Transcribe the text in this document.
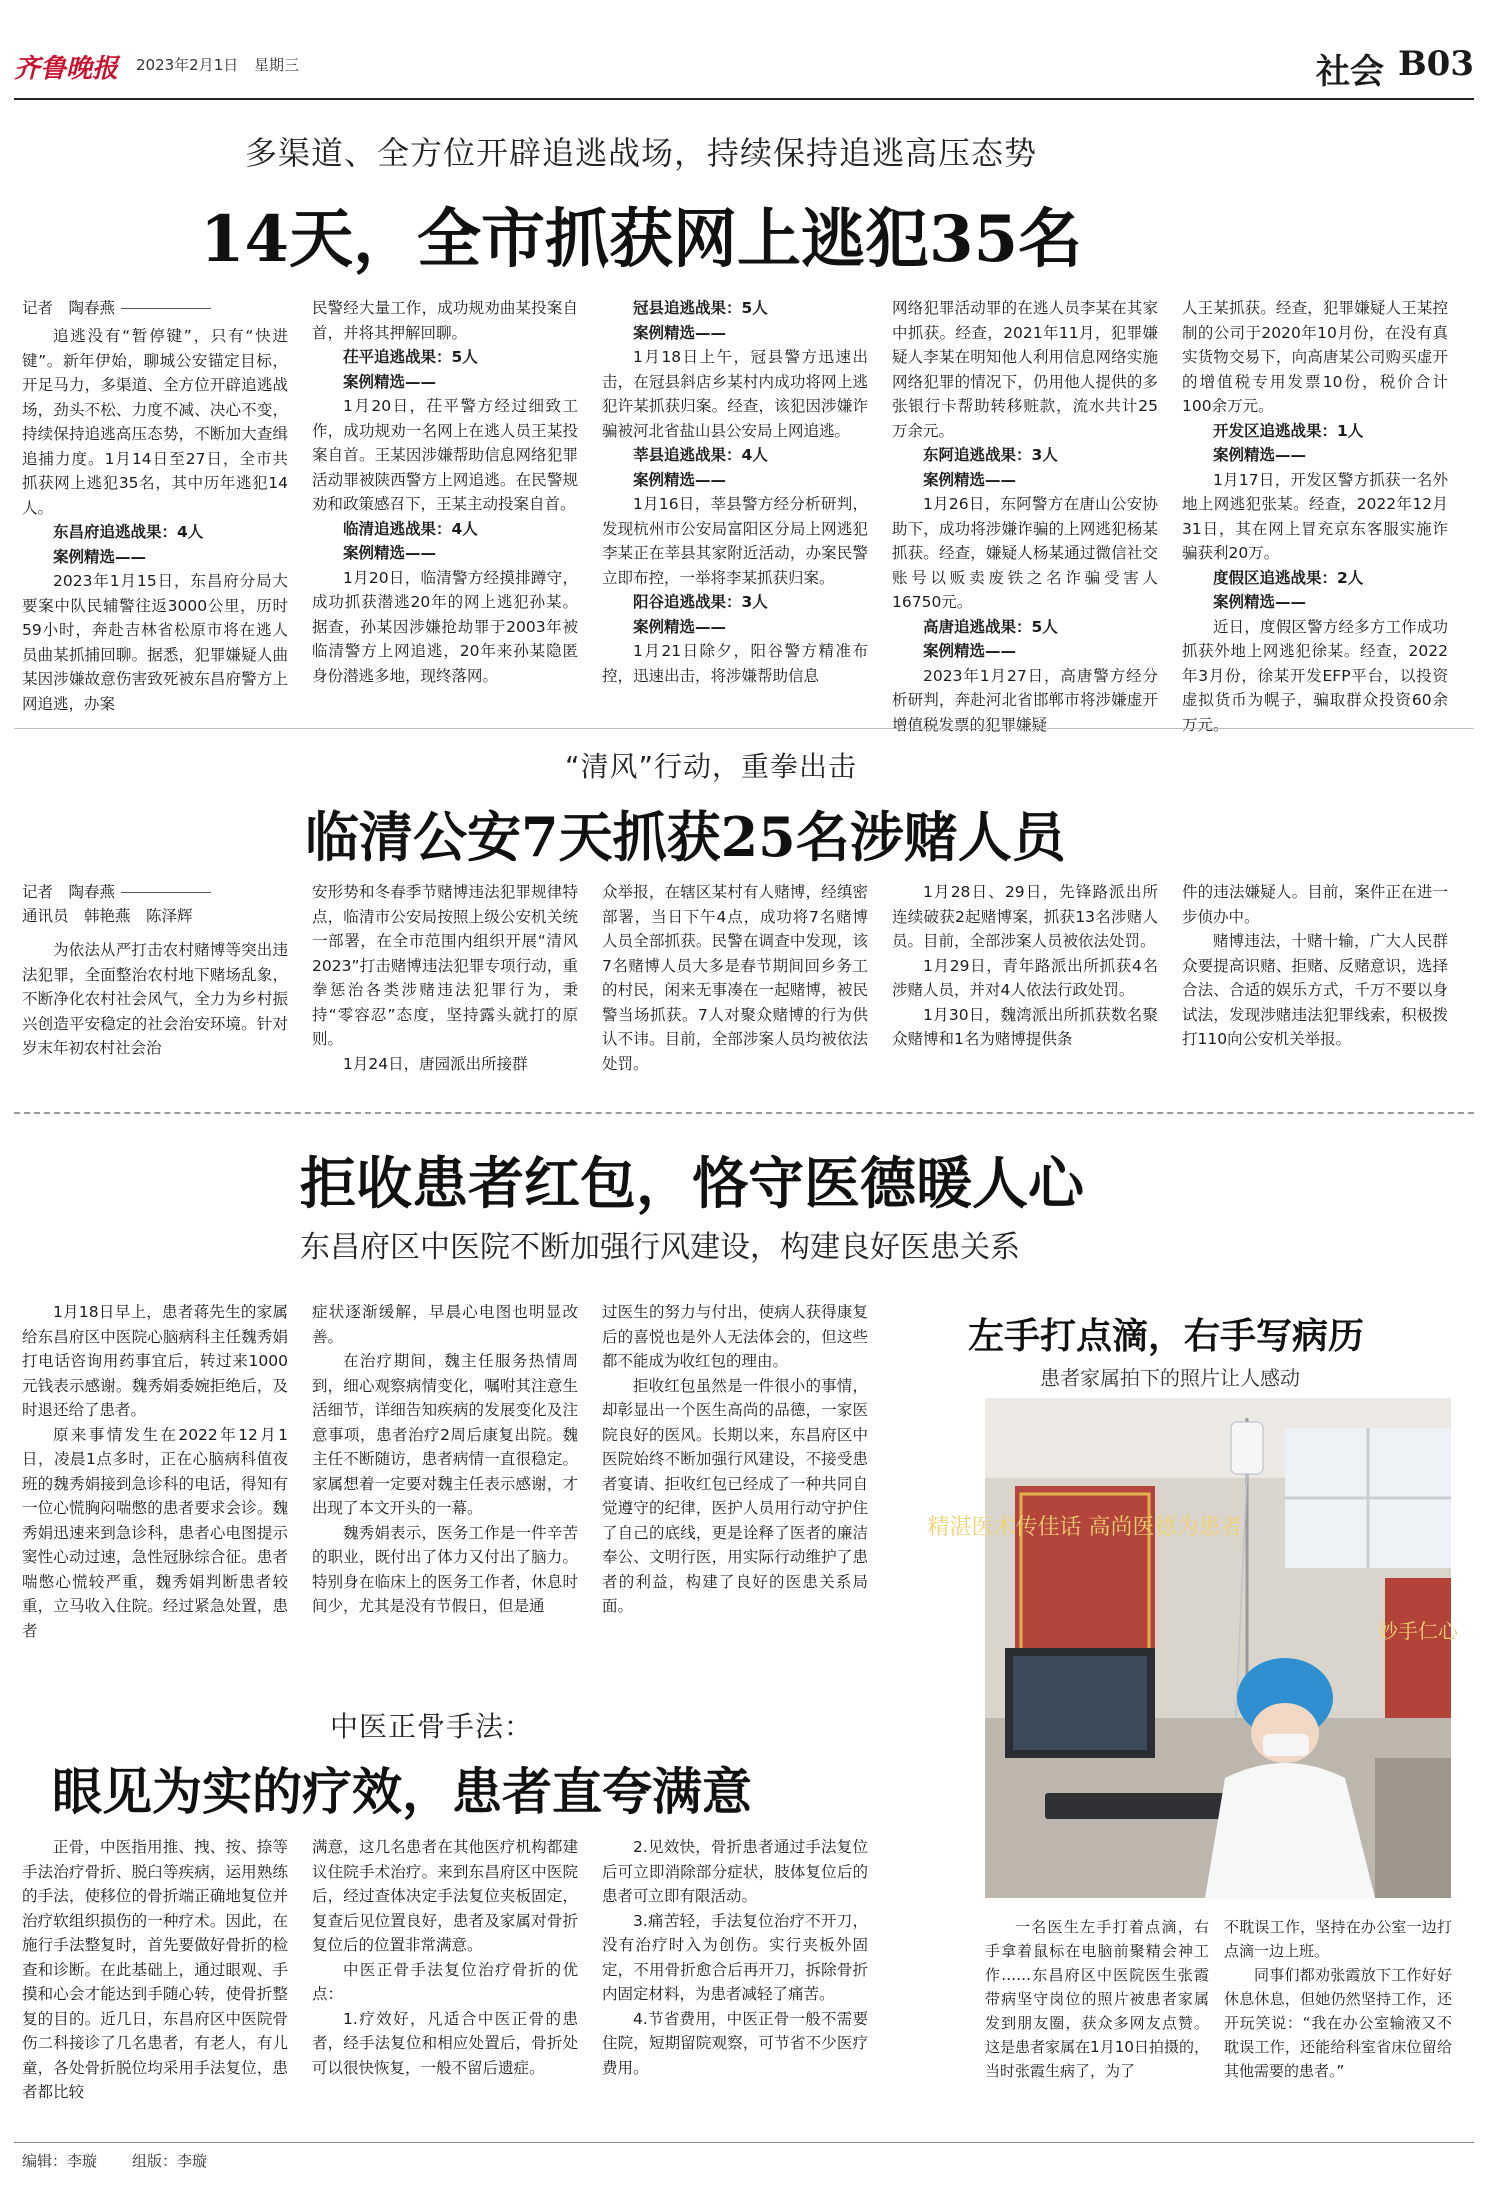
齐鲁晚报 2023年2月1日 星期三	社会 B03
多渠道、全方位开辟追逃战场，持续保持追逃高压态势
14天，全市抓获网上逃犯35名
记者　陶春燕

追逃没有“暂停键”，只有“快进键”。新年伊始，聊城公安锚定目标，开足马力，多渠道、全方位开辟追逃战场，劲头不松、力度不减、决心不变，持续保持追逃高压态势，不断加大查缉追捕力度。1月14日至27日，全市共抓获网上逃犯35名，其中历年逃犯14人。

东昌府追逃战果：4人

案例精选——

2023年1月15日，东昌府分局大要案中队民辅警往返3000公里，历时59小时，奔赴吉林省松原市将在逃人员曲某抓捕回聊。据悉，犯罪嫌疑人曲某因涉嫌故意伤害致死被东昌府警方上网追逃，办案

民警经大量工作，成功规劝曲某投案自首，并将其押解回聊。

茌平追逃战果：5人

案例精选——

1月20日，茌平警方经过细致工作，成功规劝一名网上在逃人员王某投案自首。王某因涉嫌帮助信息网络犯罪活动罪被陕西警方上网追逃。在民警规劝和政策感召下，王某主动投案自首。

临清追逃战果：4人

案例精选——

1月20日，临清警方经摸排蹲守，成功抓获潜逃20年的网上逃犯孙某。据查，孙某因涉嫌抢劫罪于2003年被临清警方上网追逃，20年来孙某隐匿身份潜逃多地，现终落网。

冠县追逃战果：5人

案例精选——

1月18日上午，冠县警方迅速出击，在冠县斜店乡某村内成功将网上逃犯许某抓获归案。经查，该犯因涉嫌诈骗被河北省盐山县公安局上网追逃。

莘县追逃战果：4人

案例精选——

1月16日，莘县警方经分析研判，发现杭州市公安局富阳区分局上网逃犯李某正在莘县其家附近活动，办案民警立即布控，一举将李某抓获归案。

阳谷追逃战果：3人

案例精选——

1月21日除夕，阳谷警方精准布控，迅速出击，将涉嫌帮助信息

网络犯罪活动罪的在逃人员李某在其家中抓获。经查，2021年11月，犯罪嫌疑人李某在明知他人利用信息网络实施网络犯罪的情况下，仍用他人提供的多张银行卡帮助转移赃款，流水共计25万余元。

东阿追逃战果：3人

案例精选——

1月26日，东阿警方在唐山公安协助下，成功将涉嫌诈骗的上网逃犯杨某抓获。经查，嫌疑人杨某通过微信社交账号以贩卖废铁之名诈骗受害人16750元。

高唐追逃战果：5人

案例精选——

2023年1月27日，高唐警方经分析研判，奔赴河北省邯郸市将涉嫌虚开增值税发票的犯罪嫌疑

人王某抓获。经查，犯罪嫌疑人王某控制的公司于2020年10月份，在没有真实货物交易下，向高唐某公司购买虚开的增值税专用发票10份，税价合计100余万元。

开发区追逃战果：1人

案例精选——

1月17日，开发区警方抓获一名外地上网逃犯张某。经查，2022年12月31日，其在网上冒充京东客服实施诈骗获利20万。

度假区追逃战果：2人

案例精选——

近日，度假区警方经多方工作成功抓获外地上网逃犯徐某。经查，2022年3月份，徐某开发EFP平台，以投资虚拟货币为幌子，骗取群众投资60余万元。

“清风”行动，重拳出击
临清公安7天抓获25名涉赌人员
记者　陶春燕
通讯员　韩艳燕　陈泽辉

为依法从严打击农村赌博等突出违法犯罪，全面整治农村地下赌场乱象，不断净化农村社会风气，全力为乡村振兴创造平安稳定的社会治安环境。针对岁末年初农村社会治

安形势和冬春季节赌博违法犯罪规律特点，临清市公安局按照上级公安机关统一部署，在全市范围内组织开展“清风2023”打击赌博违法犯罪专项行动，重拳惩治各类涉赌违法犯罪行为，秉持“零容忍”态度，坚持露头就打的原则。

1月24日，唐园派出所接群

众举报，在辖区某村有人赌博，经缜密部署，当日下午4点，成功将7名赌博人员全部抓获。民警在调查中发现，该7名赌博人员大多是春节期间回乡务工的村民，闲来无事凑在一起赌博，被民警当场抓获。7人对聚众赌博的行为供认不讳。目前，全部涉案人员均被依法处罚。

1月28日、29日，先锋路派出所连续破获2起赌博案，抓获13名涉赌人员。目前，全部涉案人员被依法处罚。

1月29日，青年路派出所抓获4名涉赌人员，并对4人依法行政处罚。

1月30日，魏湾派出所抓获数名聚众赌博和1名为赌博提供条

件的违法嫌疑人。目前，案件正在进一步侦办中。

赌博违法，十赌十输，广大人民群众要提高识赌、拒赌、反赌意识，选择合法、合适的娱乐方式，千万不要以身试法，发现涉赌违法犯罪线索，积极拨打110向公安机关举报。

拒收患者红包，恪守医德暖人心
东昌府区中医院不断加强行风建设，构建良好医患关系

1月18日早上，患者蒋先生的家属给东昌府区中医院心脑病科主任魏秀娟打电话咨询用药事宜后，转过来1000元钱表示感谢。魏秀娟委婉拒绝后，及时退还给了患者。

原来事情发生在2022年12月1日，凌晨1点多时，正在心脑病科值夜班的魏秀娟接到急诊科的电话，得知有一位心慌胸闷喘憋的患者要求会诊。魏秀娟迅速来到急诊科，患者心电图提示窦性心动过速，急性冠脉综合征。患者喘憋心慌较严重，魏秀娟判断患者较重，立马收入住院。经过紧急处置，患者

症状逐渐缓解，早晨心电图也明显改善。

在治疗期间，魏主任服务热情周到，细心观察病情变化，嘱咐其注意生活细节，详细告知疾病的发展变化及注意事项，患者治疗2周后康复出院。魏主任不断随访，患者病情一直很稳定。家属想着一定要对魏主任表示感谢，才出现了本文开头的一幕。

魏秀娟表示，医务工作是一件辛苦的职业，既付出了体力又付出了脑力。特别身在临床上的医务工作者，休息时间少，尤其是没有节假日，但是通

过医生的努力与付出，使病人获得康复后的喜悦也是外人无法体会的，但这些都不能成为收红包的理由。

拒收红包虽然是一件很小的事情，却彰显出一个医生高尚的品德，一家医院良好的医风。长期以来，东昌府区中医院始终不断加强行风建设，不接受患者宴请、拒收红包已经成了一种共同自觉遵守的纪律，医护人员用行动守护住了自己的底线，更是诠释了医者的廉洁奉公、文明行医，用实际行动维护了患者的利益，构建了良好的医患关系局面。

左手打点滴，右手写病历
患者家属拍下的照片让人感动
精湛医术传佳话 高尚医德为患者
妙手仁心

一名医生左手打着点滴，右手拿着鼠标在电脑前聚精会神工作……东昌府区中医院医生张霞带病坚守岗位的照片被患者家属发到朋友圈，获众多网友点赞。这是患者家属在1月10日拍摄的，当时张霞生病了，为了

不耽误工作，坚持在办公室一边打点滴一边上班。

同事们都劝张霞放下工作好好休息休息，但她仍然坚持工作，还开玩笑说：“我在办公室输液又不耽误工作，还能给科室省床位留给其他需要的患者。”

中医正骨手法：
眼见为实的疗效，患者直夸满意

正骨，中医指用推、拽、按、捺等手法治疗骨折、脱臼等疾病，运用熟练的手法，使移位的骨折端正确地复位并治疗软组织损伤的一种疗术。因此，在施行手法整复时，首先要做好骨折的检查和诊断。在此基础上，通过眼观、手摸和心会才能达到手随心转，使骨折整复的目的。近几日，东昌府区中医院骨伤二科接诊了几名患者，有老人，有儿童，各处骨折脱位均采用手法复位，患者都比较

满意，这几名患者在其他医疗机构都建议住院手术治疗。来到东昌府区中医院后，经过查体决定手法复位夹板固定，复查后见位置良好，患者及家属对骨折复位后的位置非常满意。

中医正骨手法复位治疗骨折的优点：

1.疗效好，凡适合中医正骨的患者，经手法复位和相应处置后，骨折处可以很快恢复，一般不留后遗症。

2.见效快，骨折患者通过手法复位后可立即消除部分症状，肢体复位后的患者可立即有限活动。

3.痛苦轻，手法复位治疗不开刀，没有治疗时入为创伤。实行夹板外固定，不用骨折愈合后再开刀，拆除骨折内固定材料，为患者减轻了痛苦。

4.节省费用，中医正骨一般不需要住院，短期留院观察，可节省不少医疗费用。

编辑：李璇 组版：李璇
